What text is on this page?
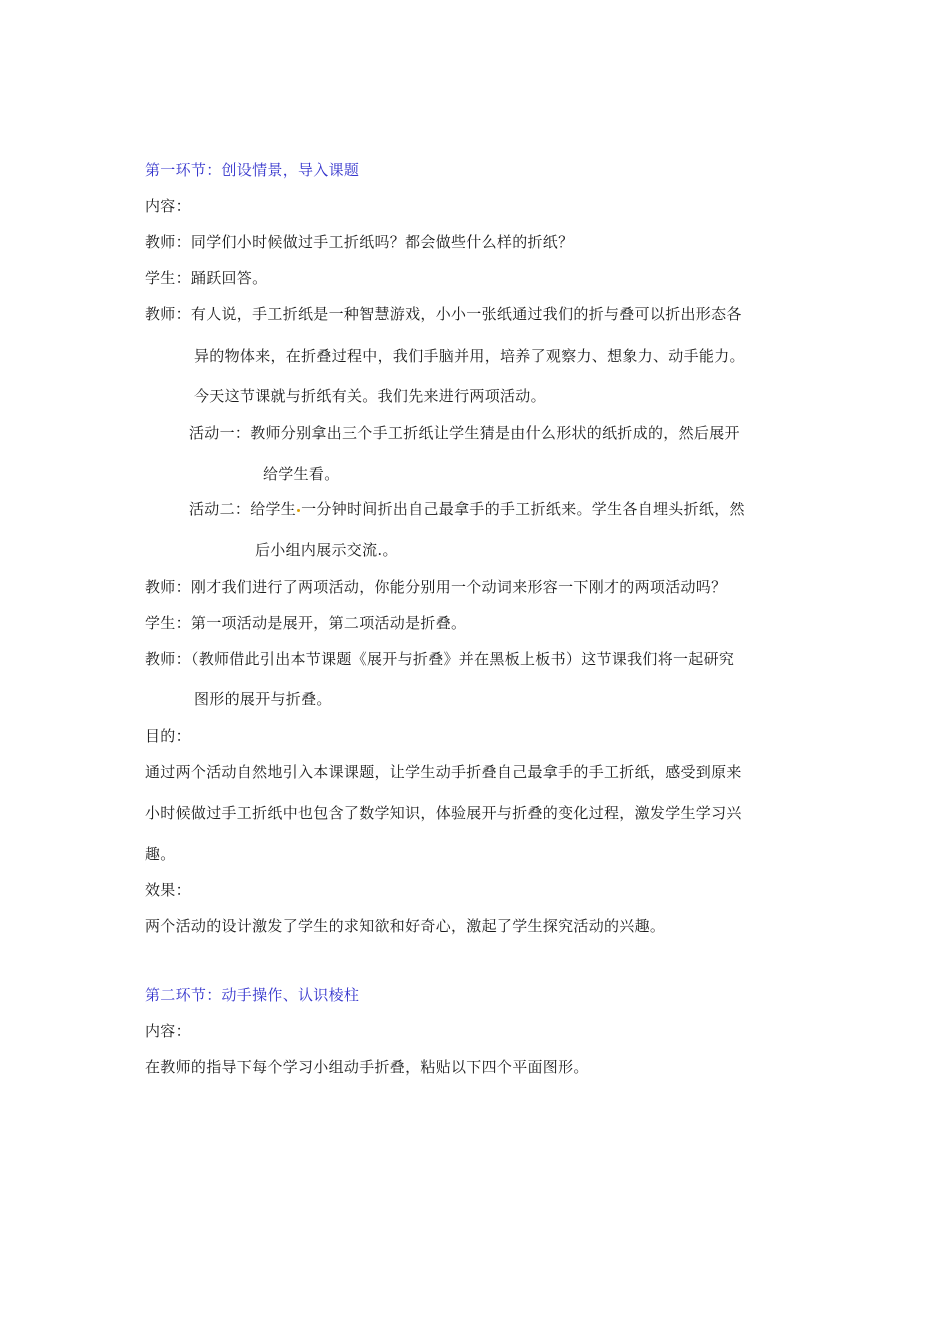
第一环节：创设情景，导入课题
内容：
教师：同学们小时候做过手工折纸吗？都会做些什么样的折纸？
学生：踊跃回答。
教师：有人说，手工折纸是一种智慧游戏，小小一张纸通过我们的折与叠可以折出形态各
异的物体来，在折叠过程中，我们手脑并用，培养了观察力、想象力、动手能力。
今天这节课就与折纸有关。我们先来进行两项活动。
活动一：教师分别拿出三个手工折纸让学生猜是由什么形状的纸折成的，然后展开
给学生看。
活动二：给学生 一分钟时间折出自己最拿手的手工折纸来。学生各自埋头折纸，然
后小组内展示交流.。
教师：刚才我们进行了两项活动，你能分别用一个动词来形容一下刚才的两项活动吗？
学生：第一项活动是展开，第二项活动是折叠。
教师：（教师借此引出本节课题《展开与折叠》并在黑板上板书）这节课我们将一起研究
图形的展开与折叠。
目的：
通过两个活动自然地引入本课课题，让学生动手折叠自己最拿手的手工折纸，感受到原来
小时候做过手工折纸中也包含了数学知识，体验展开与折叠的变化过程，激发学生学习兴
趣。
效果：
两个活动的设计激发了学生的求知欲和好奇心，激起了学生探究活动的兴趣。
第二环节：动手操作、认识棱柱
内容：
在教师的指导下每个学习小组动手折叠，粘贴以下四个平面图形。
